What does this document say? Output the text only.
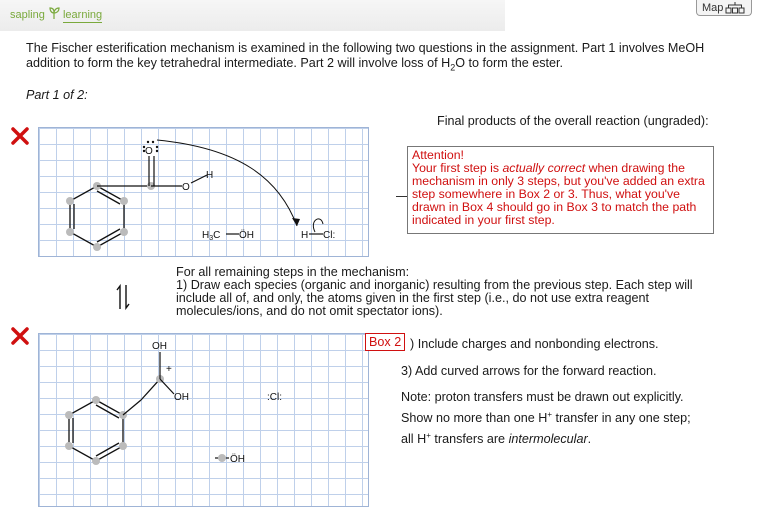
sapling learning
Map
The Fischer esterification mechanism is examined in the following two questions in the assignment. Part 1 involves MeOH addition to form the key tetrahedral intermediate. Part 2 will involve loss of $H_2O$ to form the ester.
Part 1 of 2:
O
O
H
$H_3C$ ÖH	H Cl:
Final products of the overall reaction (ungraded):
Attention!
Your first step is actually correct when drawing the mechanism in only 3 steps, but you've added an extra step somewhere in Box 2 or 3. Thus, what you've drawn in Box 4 should go in Box 3 to match the path indicated in your first step.
For all remaining steps in the mechanism:
1) Draw each species (organic and inorganic) resulting from the previous step. Each step will include all of, and only, the atoms given in the first step (i.e., do not use extra reagent molecules/ions, and do not omit spectator ions).
OH
+
OH	:Cl:
ÖH
Box 2 ) Include charges and nonbonding electrons.
3) Add curved arrows for the forward reaction.
Note: proton transfers must be drawn out explicitly.
Show no more than one H+ transfer in any one step;
all H+ transfers are intermolecular.
